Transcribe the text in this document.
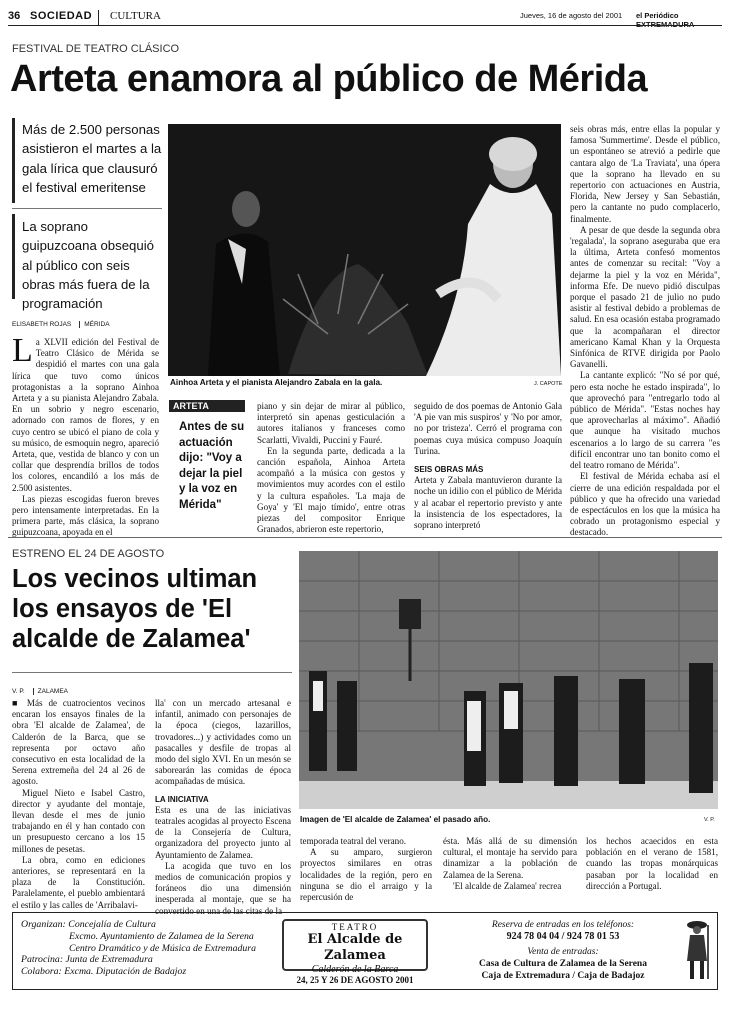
36 SOCIEDAD CULTURA	Jueves, 16 de agosto del 2001 el Periódico
FESTIVAL DE TEATRO CLÁSICO
Arteta enamora al público de Mérida
Más de 2.500 personas asistieron el martes a la gala lírica que clausuró el festival emeritense
La soprano guipuzcoana obsequió al público con seis obras más fuera de la programación
ELISABETH ROJAS MÉRIDA
Ainhoa Arteta y el pianista Alejandro Zabala en la gala.	J. CAPOTE
L a XLVII edición del Festival de Teatro Clásico de Mérida se despidió el martes con una gala lírica que tuvo como únicos protagonistas a la soprano Ainhoa Arteta y a su pianista Alejandro Zabala. En un sobrio y negro escenario, adornado con ramos de flores, y en cuyo centro se ubicó el piano de cola y su músico, de esmoquin negro, apareció Arteta, que, vestida de blanco y con un collar que desprendía brillos de todos los colores, encandiló a los más de 2.500 asistentes.

Las piezas escogidas fueron breves pero intensamente interpretadas. En la primera parte, más clásica, la soprano guipuzcoana, apoyada en el

ARTETA
Antes de su actuación dijo: "Voy a dejar la piel y la voz en Mérida"

piano y sin dejar de mirar al público, interpretó sin apenas gesticulación a autores italianos y franceses como Scarlatti, Vivaldi, Puccini y Fauré.

En la segunda parte, dedicada a la canción española, Ainhoa Arteta acompañó a la música con gestos y movimientos muy acordes con el estilo y la cultura españoles. 'La maja de Goya' y 'El majo tímido', entre otras piezas del compositor Enrique Granados, abrieron este repertorio,

seguido de dos poemas de Antonio Gala 'A pie van mis suspiros' y 'No por amor, no por tristeza'. Cerró el programa con poemas cuya música compuso Joaquín Turina.

SEIS OBRAS MÁS

Arteta y Zabala mantuvieron durante la noche un idilio con el público de Mérida y al acabar el repertorio previsto y ante la insistencia de los espectadores, la soprano interpretó

seis obras más, entre ellas la popular y famosa 'Summertime'. Desde el público, un espontáneo se atrevió a pedirle que cantara algo de 'La Traviata', una ópera que la soprano ha llevado en su repertorio con actuaciones en Austria, Florida, New Jersey y San Sebastián, pero la cantante no pudo complacerlo, finalmente.

A pesar de que desde la segunda obra 'regalada', la soprano aseguraba que era la última, Arteta confesó momentos antes de comenzar su recital: "Voy a dejarme la piel y la voz en Mérida", informa Efe. De nuevo pidió disculpas porque el pasado 21 de julio no pudo asistir al festival debido a problemas de salud. En esa ocasión estaba programado que la acompañaran el director americano Kamal Khan y la Orquesta Sinfónica de RTVE dirigida por Paolo Gavanelli.

La cantante explicó: "No sé por qué, pero esta noche he estado inspirada", lo que aprovechó para "entregarlo todo al público de Mérida". "Estas noches hay que aprovecharlas al máximo". Añadió que aunque ha visitado muchos escenarios a lo largo de su carrera "es difícil encontrar uno tan bonito como el del teatro romano de Mérida".

El festival de Mérida echaba así el cierre de una edición respaldada por el público y que ha ofrecido una variedad de espectáculos en los que la música ha cobrado un protagonismo especial y destacado.

ESTRENO EL 24 DE AGOSTO
Los vecinos ultiman los ensayos de 'El alcalde de Zalamea'
V. P. ZALAMEA
Imagen de 'El alcalde de Zalamea' el pasado año.	V. P.

■ Más de cuatrocientos vecinos encaran los ensayos finales de la obra 'El alcalde de Zalamea', de Calderón de la Barca, que se representa por octavo año consecutivo en esta localidad de la Serena extremeña del 24 al 26 de agosto.

Miguel Nieto e Isabel Castro, director y ayudante del montaje, llevan desde el mes de junio trabajando en él y han contado con un presupuesto cercano a los 15 millones de pesetas.

La obra, como en ediciones anteriores, se representará en la plaza de la Constitución. Paralelamente, el pueblo ambientará el estilo y las calles de 'Arribalavi-

lla' con un mercado artesanal e infantil, animado con personajes de la época (ciegos, lazarillos, trovadores...) y actividades como un pasacalles y desfile de tropas al modo del siglo XVI. En un mesón se saborearán las comidas de época acompañadas de música.

LA INICIATIVA

Esta es una de las iniciativas teatrales acogidas al proyecto Escena de la Consejería de Cultura, organizadora del proyecto junto al Ayuntamiento de Zalamea.

La acogida que tuvo en los medios de comunicación propios y foráneos dio una dimensión inesperada al montaje, que se ha convertido en una de las citas de la

temporada teatral del verano.

A su amparo, surgieron proyectos similares en otras localidades de la región, pero en ninguna se dio el arraigo y la repercusión de

ésta. Más allá de su dimensión cultural, el montaje ha servido para dinamizar a la población de Zalamea de la Serena.

'El alcalde de Zalamea' recrea

los hechos acaecidos en esta población en el verano de 1581, cuando las tropas monárquicas pasaban por la localidad en dirección a Portugal.

Organizan: Concejalía de Cultura
Excmo. Ayuntamiento de Zalamea de la Serena
Centro Dramático y de Música de Extremadura
Patrocina: Junta de Extremadura
Colabora: Excma. Diputación de Badajoz
TEATRO
El Alcalde de Zalamea
Calderón de la Barca
24, 25 Y 26 DE AGOSTO 2001
Reserva de entradas en los teléfonos:
924 78 04 04 / 924 78 01 53
Venta de entradas:
Casa de Cultura de Zalamea de la Serena
Caja de Extremadura / Caja de Badajoz
